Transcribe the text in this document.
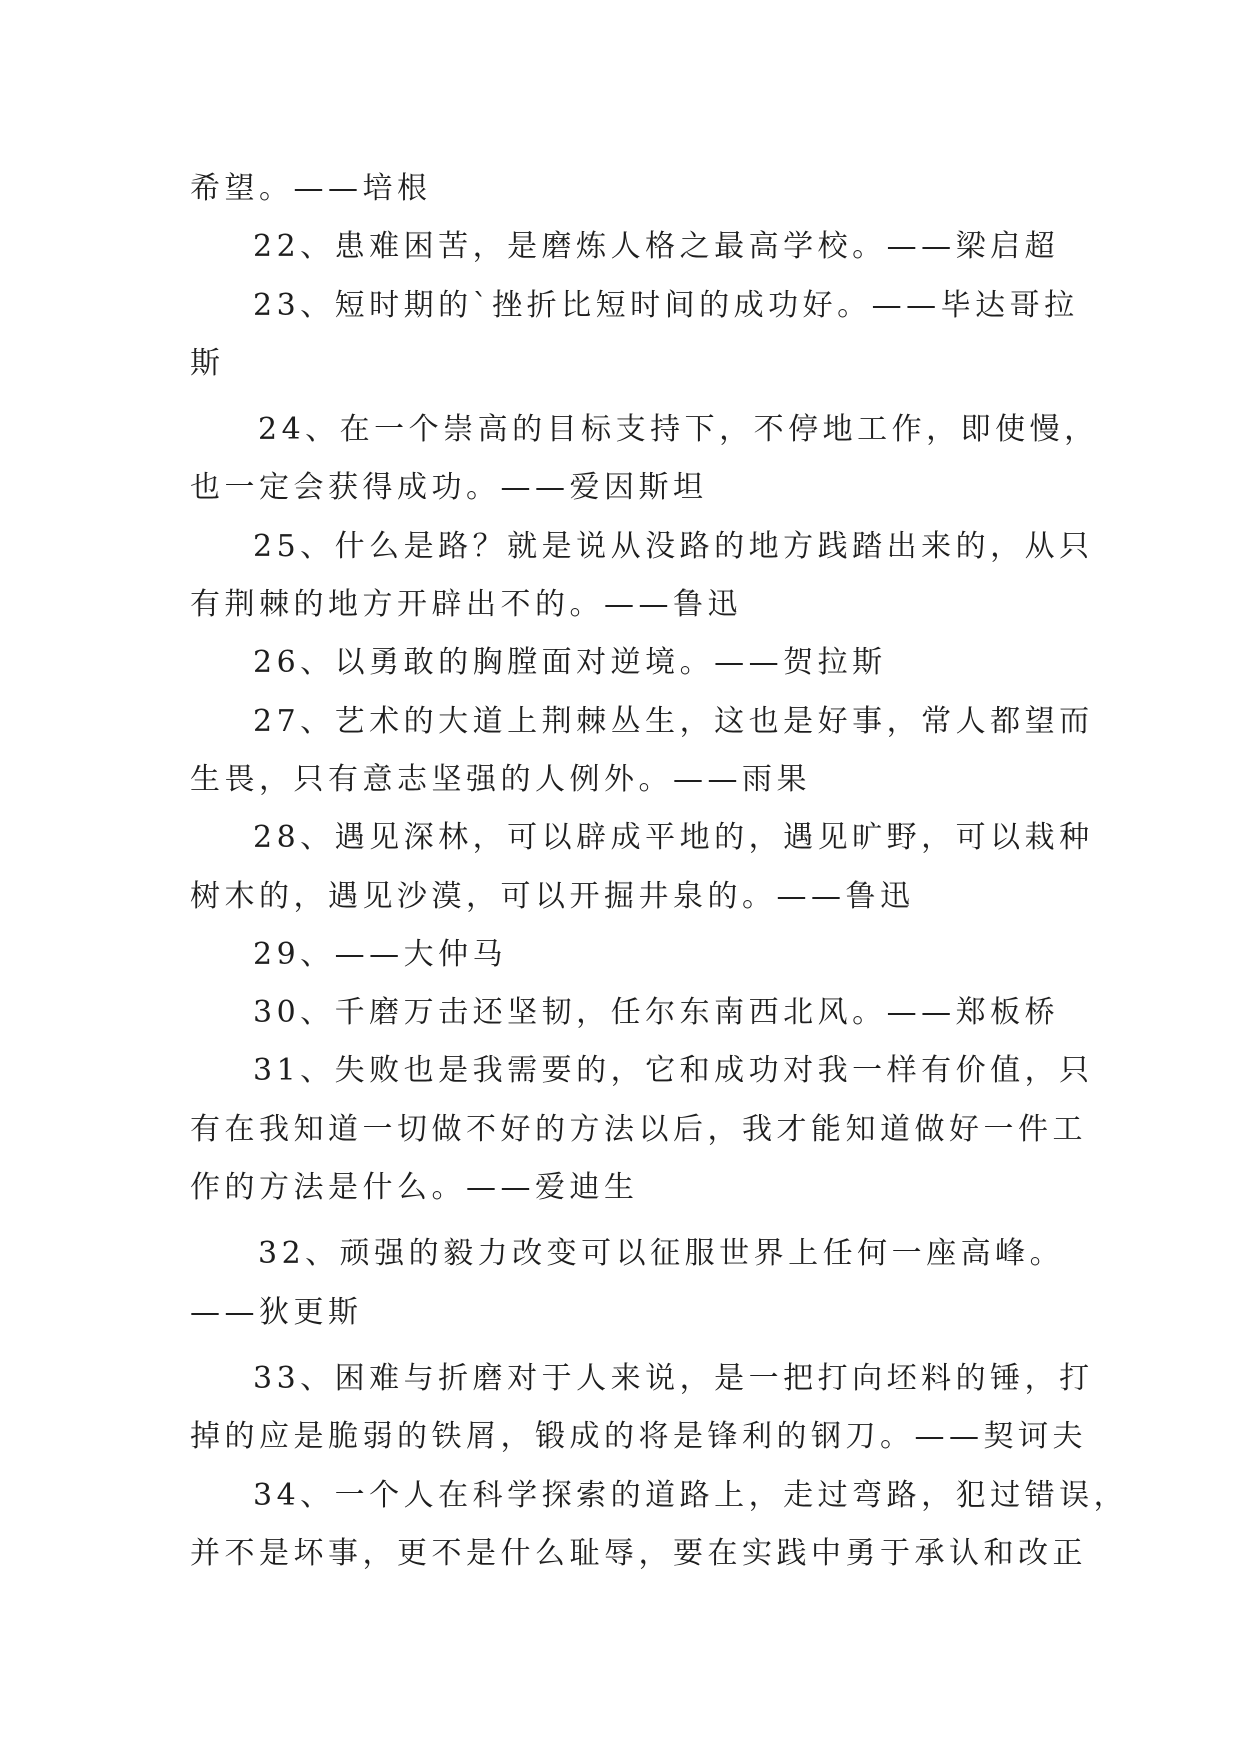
希望。——培根
22、患难困苦，是磨炼人格之最高学校。——梁启超
23、短时期的`挫折比短时间的成功好。——毕达哥拉
斯
24、在一个崇高的目标支持下，不停地工作，即使慢，
也一定会获得成功。——爱因斯坦
25、什么是路？就是说从没路的地方践踏出来的，从只
有荆棘的地方开辟出不的。——鲁迅
26、以勇敢的胸膛面对逆境。——贺拉斯
27、艺术的大道上荆棘丛生，这也是好事，常人都望而
生畏，只有意志坚强的人例外。——雨果
28、遇见深林，可以辟成平地的，遇见旷野，可以栽种
树木的，遇见沙漠，可以开掘井泉的。——鲁迅
29、——大仲马
30、千磨万击还坚韧，任尔东南西北风。——郑板桥
31、失败也是我需要的，它和成功对我一样有价值，只
有在我知道一切做不好的方法以后，我才能知道做好一件工
作的方法是什么。——爱迪生
32、顽强的毅力改变可以征服世界上任何一座高峰。
——狄更斯
33、困难与折磨对于人来说，是一把打向坯料的锤，打
掉的应是脆弱的铁屑，锻成的将是锋利的钢刀。——契诃夫
34、一个人在科学探索的道路上，走过弯路，犯过错误，
并不是坏事，更不是什么耻辱，要在实践中勇于承认和改正
